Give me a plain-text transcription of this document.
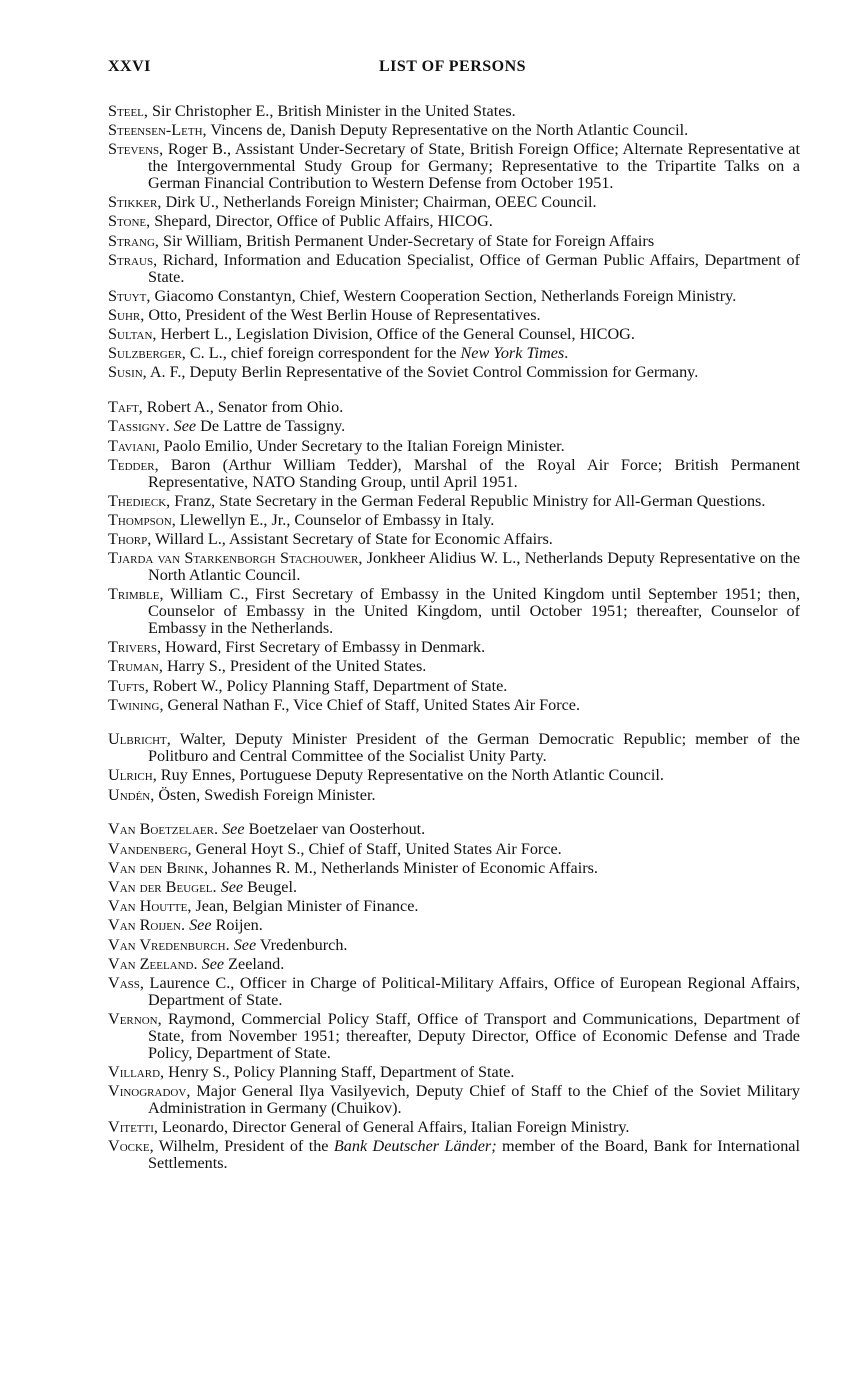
XXVI	LIST OF PERSONS

Steel, Sir Christopher E., British Minister in the United States.

Steensen-Leth, Vincens de, Danish Deputy Representative on the North Atlantic Council.

Stevens, Roger B., Assistant Under-Secretary of State, British Foreign Office; Alternate Representative at the Intergovernmental Study Group for Germany; Representative to the Tripartite Talks on a German Financial Contribution to Western Defense from October 1951.

Stikker, Dirk U., Netherlands Foreign Minister; Chairman, OEEC Council.

Stone, Shepard, Director, Office of Public Affairs, HICOG.

Strang, Sir William, British Permanent Under-Secretary of State for Foreign Affairs

Straus, Richard, Information and Education Specialist, Office of German Public Affairs, Department of State.

Stuyt, Giacomo Constantyn, Chief, Western Cooperation Section, Netherlands Foreign Ministry.

Suhr, Otto, President of the West Berlin House of Representatives.

Sultan, Herbert L., Legislation Division, Office of the General Counsel, HICOG.

Sulzberger, C. L., chief foreign correspondent for the New York Times.

Susin, A. F., Deputy Berlin Representative of the Soviet Control Commission for Germany.

Taft, Robert A., Senator from Ohio.

Tassigny. See De Lattre de Tassigny.

Taviani, Paolo Emilio, Under Secretary to the Italian Foreign Minister.

Tedder, Baron (Arthur William Tedder), Marshal of the Royal Air Force; British Permanent Representative, NATO Standing Group, until April 1951.

Thedieck, Franz, State Secretary in the German Federal Republic Ministry for All-German Questions.

Thompson, Llewellyn E., Jr., Counselor of Embassy in Italy.

Thorp, Willard L., Assistant Secretary of State for Economic Affairs.

Tjarda van Starkenborgh Stachouwer, Jonkheer Alidius W. L., Netherlands Deputy Representative on the North Atlantic Council.

Trimble, William C., First Secretary of Embassy in the United Kingdom until September 1951; then, Counselor of Embassy in the United Kingdom, until October 1951; thereafter, Counselor of Embassy in the Netherlands.

Trivers, Howard, First Secretary of Embassy in Denmark.

Truman, Harry S., President of the United States.

Tufts, Robert W., Policy Planning Staff, Department of State.

Twining, General Nathan F., Vice Chief of Staff, United States Air Force.

Ulbricht, Walter, Deputy Minister President of the German Democratic Republic; member of the Politburo and Central Committee of the Socialist Unity Party.

Ulrich, Ruy Ennes, Portuguese Deputy Representative on the North Atlantic Council.

Undén, Östen, Swedish Foreign Minister.

Van Boetzelaer. See Boetzelaer van Oosterhout.

Vandenberg, General Hoyt S., Chief of Staff, United States Air Force.

Van den Brink, Johannes R. M., Netherlands Minister of Economic Affairs.

Van der Beugel. See Beugel.

Van Houtte, Jean, Belgian Minister of Finance.

Van Roijen. See Roijen.

Van Vredenburch. See Vredenburch.

Van Zeeland. See Zeeland.

Vass, Laurence C., Officer in Charge of Political-Military Affairs, Office of European Regional Affairs, Department of State.

Vernon, Raymond, Commercial Policy Staff, Office of Transport and Communications, Department of State, from November 1951; thereafter, Deputy Director, Office of Economic Defense and Trade Policy, Department of State.

Villard, Henry S., Policy Planning Staff, Department of State.

Vinogradov, Major General Ilya Vasilyevich, Deputy Chief of Staff to the Chief of the Soviet Military Administration in Germany (Chuikov).

Vitetti, Leonardo, Director General of General Affairs, Italian Foreign Ministry.

Vocke, Wilhelm, President of the Bank Deutscher Länder; member of the Board, Bank for International Settlements.
